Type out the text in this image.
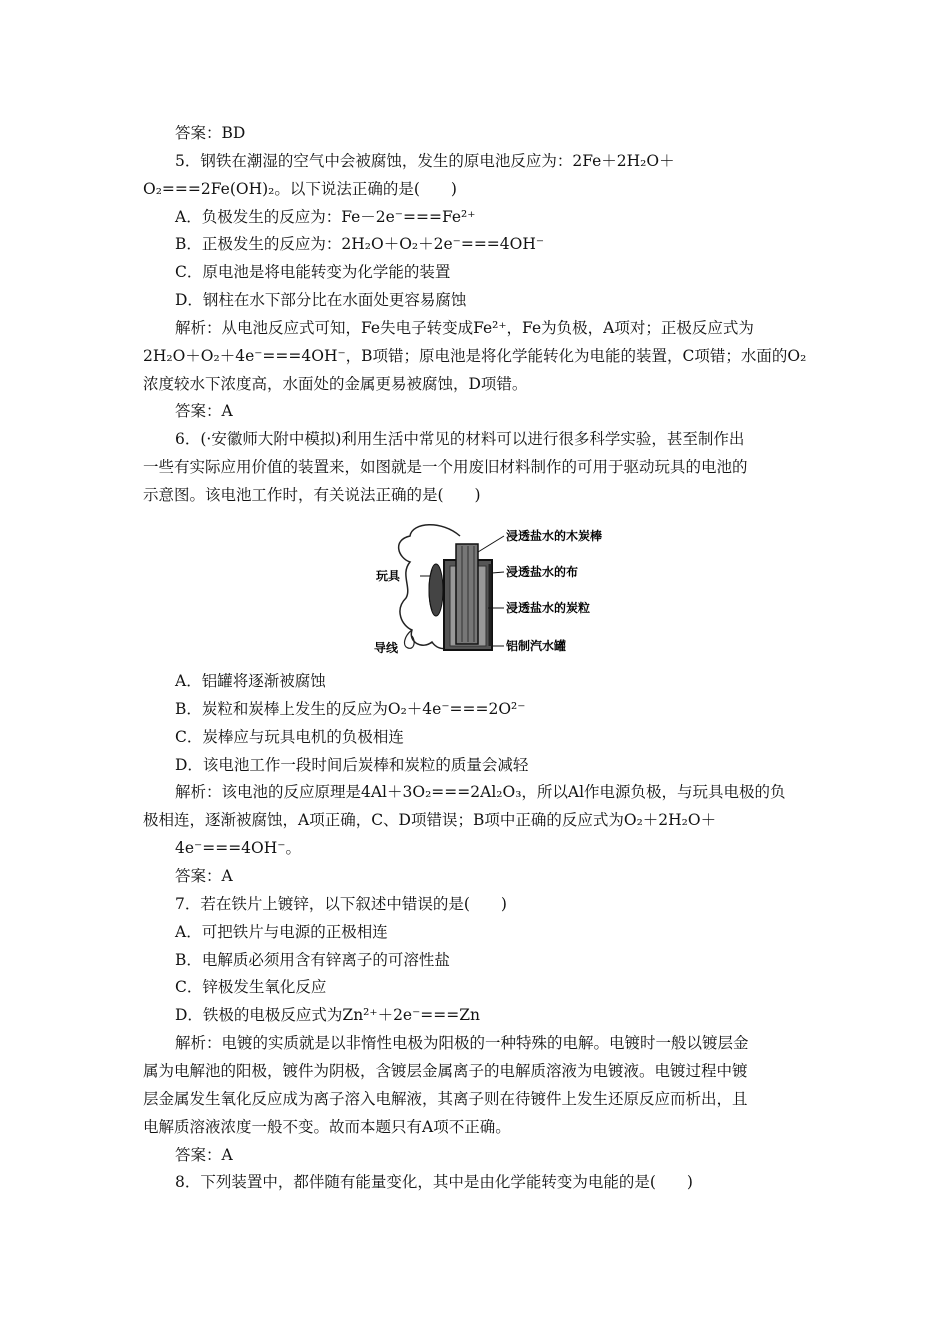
答案：BD
5．钢铁在潮湿的空气中会被腐蚀，发生的原电池反应为：2Fe＋2H₂O＋
O₂===2Fe(OH)₂。以下说法正确的是(　　)
A．负极发生的反应为：Fe－2e⁻===Fe²⁺
B．正极发生的反应为：2H₂O＋O₂＋2e⁻===4OH⁻
C．原电池是将电能转变为化学能的装置
D．钢柱在水下部分比在水面处更容易腐蚀
解析：从电池反应式可知，Fe失电子转变成Fe²⁺，Fe为负极，A项对；正极反应式为
2H₂O＋O₂＋4e⁻===4OH⁻，B项错；原电池是将化学能转化为电能的装置，C项错；水面的O₂
浓度较水下浓度高，水面处的金属更易被腐蚀，D项错。
答案：A
6．(·安徽师大附中模拟)利用生活中常见的材料可以进行很多科学实验，甚至制作出
一些有实际应用价值的装置来，如图就是一个用废旧材料制作的可用于驱动玩具的电池的
示意图。该电池工作时，有关说法正确的是(　　)
浸透盐水的木炭棒
浸透盐水的布
浸透盐水的炭粒
铝制汽水罐
玩具
导线
A．铝罐将逐渐被腐蚀
B．炭粒和炭棒上发生的反应为O₂＋4e⁻===2O²⁻
C．炭棒应与玩具电机的负极相连
D．该电池工作一段时间后炭棒和炭粒的质量会减轻
解析：该电池的反应原理是4Al＋3O₂===2Al₂O₃，所以Al作电源负极，与玩具电极的负
极相连，逐渐被腐蚀，A项正确，C、D项错误；B项中正确的反应式为O₂＋2H₂O＋
4e⁻===4OH⁻。
答案：A
7．若在铁片上镀锌，以下叙述中错误的是(　　)
A．可把铁片与电源的正极相连
B．电解质必须用含有锌离子的可溶性盐
C．锌极发生氧化反应
D．铁极的电极反应式为Zn²⁺＋2e⁻===Zn
解析：电镀的实质就是以非惰性电极为阳极的一种特殊的电解。电镀时一般以镀层金
属为电解池的阳极，镀件为阴极，含镀层金属离子的电解质溶液为电镀液。电镀过程中镀
层金属发生氧化反应成为离子溶入电解液，其离子则在待镀件上发生还原反应而析出，且
电解质溶液浓度一般不变。故而本题只有A项不正确。
答案：A
8．下列装置中，都伴随有能量变化，其中是由化学能转变为电能的是(　　)
